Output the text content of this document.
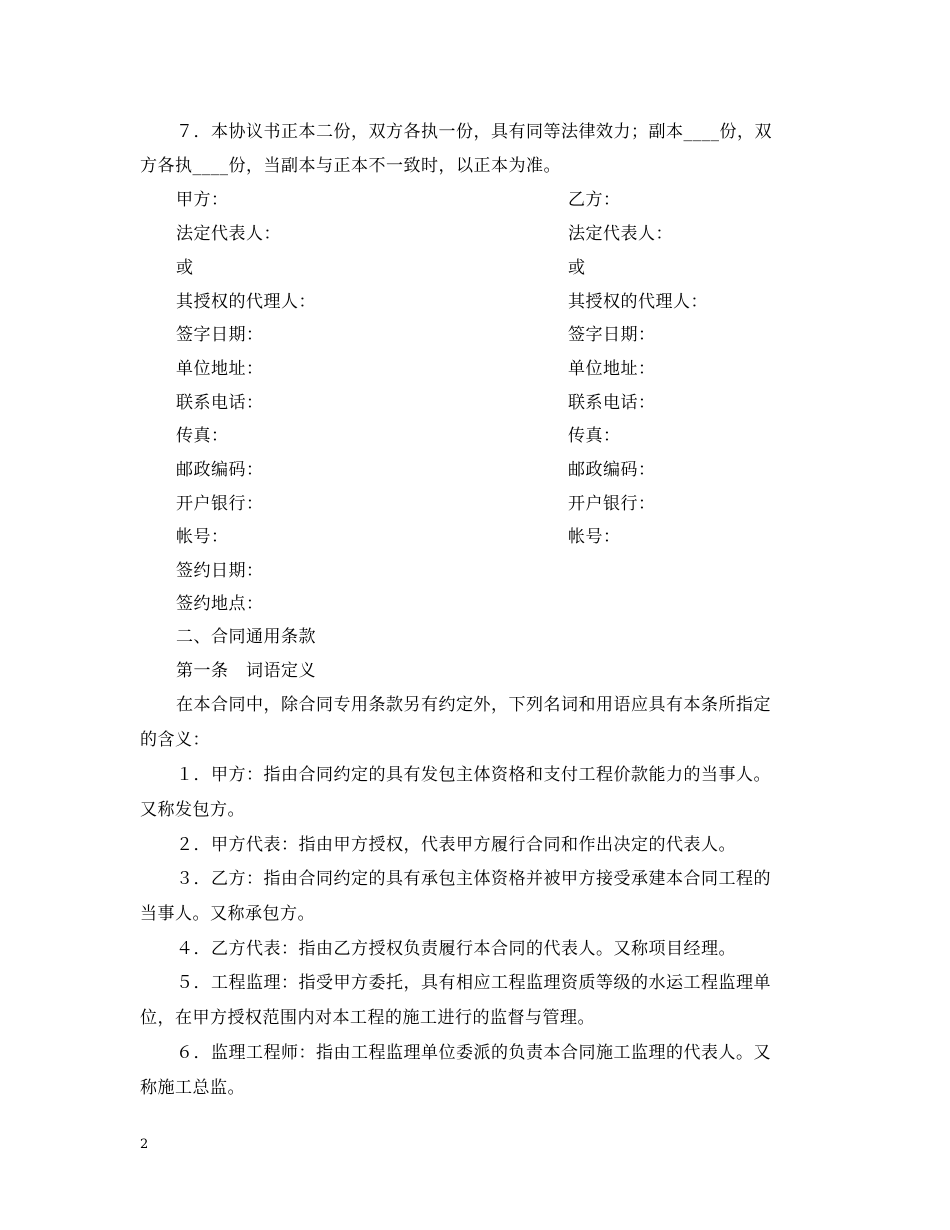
７．本协议书正本二份，双方各执一份，具有同等法律效力；副本____份，双
方各执____份，当副本与正本不一致时，以正本为准。
甲方：	乙方：
法定代表人：	法定代表人：
或	或
其授权的代理人：	其授权的代理人：
签字日期：	签字日期：
单位地址：	单位地址：
联系电话：	联系电话：
传真：	传真：
邮政编码：	邮政编码：
开户银行：	开户银行：
帐号：	帐号：
签约日期：
签约地点：
二、合同通用条款
第一条　词语定义
在本合同中，除合同专用条款另有约定外，下列名词和用语应具有本条所指定
的含义：
１．甲方：指由合同约定的具有发包主体资格和支付工程价款能力的当事人。
又称发包方。
２．甲方代表：指由甲方授权，代表甲方履行合同和作出决定的代表人。
３．乙方：指由合同约定的具有承包主体资格并被甲方接受承建本合同工程的
当事人。又称承包方。
４．乙方代表：指由乙方授权负责履行本合同的代表人。又称项目经理。
５．工程监理：指受甲方委托，具有相应工程监理资质等级的水运工程监理单
位，在甲方授权范围内对本工程的施工进行的监督与管理。
６．监理工程师：指由工程监理单位委派的负责本合同施工监理的代表人。又
称施工总监。
2
